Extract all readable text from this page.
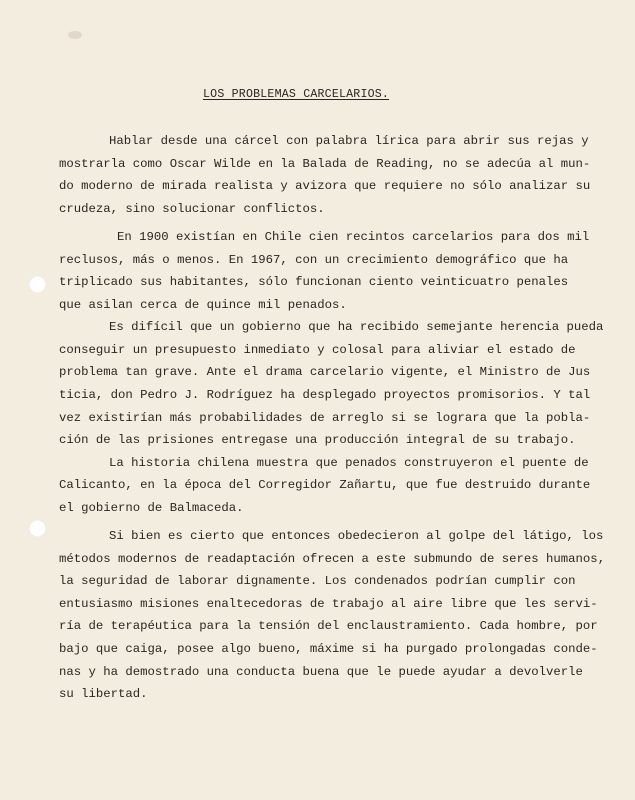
LOS PROBLEMAS CARCELARIOS.
Hablar desde una cárcel con palabra lírica para abrir sus rejas y
mostrarla como Oscar Wilde en la Balada de Reading, no se adecúa al mun-
do moderno de mirada realista y avizora que requiere no sólo analizar su
crudeza, sino solucionar conflictos.
En 1900 existían en Chile cien recintos carcelarios para dos mil
reclusos, más o menos. En 1967, con un crecimiento demográfico que ha
triplicado sus habitantes, sólo funcionan ciento veinticuatro penales
que asilan cerca de quince mil penados.
Es difícil que un gobierno que ha recibido semejante herencia pueda
conseguir un presupuesto inmediato y colosal para aliviar el estado de
problema tan grave. Ante el drama carcelario vigente, el Ministro de Jus
ticia, don Pedro J. Rodríguez ha desplegado proyectos promisorios. Y tal
vez existirían más probabilidades de arreglo si se lograra que la pobla-
ción de las prisiones entregase una producción integral de su trabajo.
La historia chilena muestra que penados construyeron el puente de
Calicanto, en la época del Corregidor Zañartu, que fue destruido durante
el gobierno de Balmaceda.
Si bien es cierto que entonces obedecieron al golpe del látigo, los
métodos modernos de readaptación ofrecen a este submundo de seres humanos,
la seguridad de laborar dignamente. Los condenados podrían cumplir con
entusiasmo misiones enaltecedoras de trabajo al aire libre que les servi-
ría de terapéutica para la tensión del enclaustramiento. Cada hombre, por
bajo que caiga, posee algo bueno, máxime si ha purgado prolongadas conde-
nas y ha demostrado una conducta buena que le puede ayudar a devolverle
su libertad.
